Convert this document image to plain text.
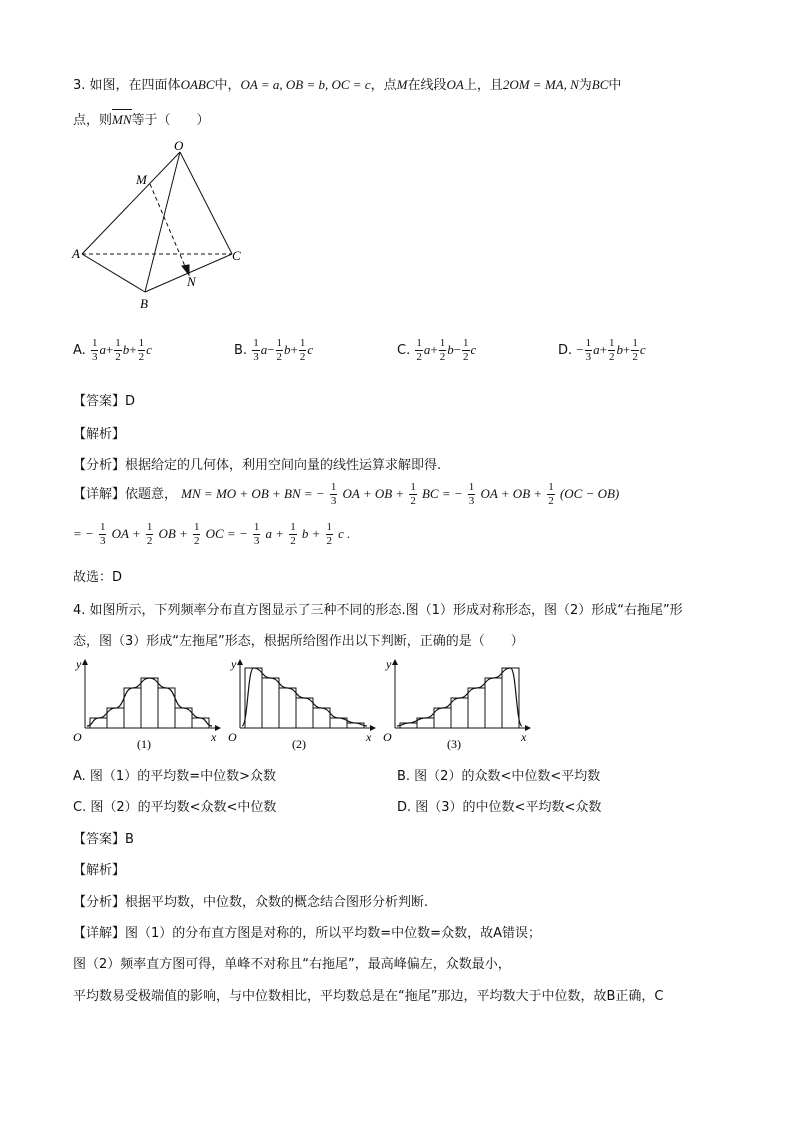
3. 如图，在四面体OABC中，OA = a, OB = b, OC = c，点M在线段OA上，且2OM = MA, N为BC中
点，则MN等于（　　）
O
M
A	C
N
B
A. $\frac{1}{3} a+ \frac{1}{2} b+ \frac{1}{2}$ c	B. $\frac{1}{3} a- \frac{1}{2} b+ \frac{1}{2}$ c	C. $\frac{1}{2} a+ \frac{1}{2} b- \frac{1}{2}$ c	D. − $\frac{1}{3} a+ \frac{1}{2} b+ \frac{1}{2}$ c
【答案】D
【解析】
【分析】根据给定的几何体，利用空间向量的线性运算求解即得.
【详解】依题意， MN = MO + OB + BN = − $\frac{1}{3}$ OA + OB + $\frac{1}{2}$ BC = − $\frac{1}{3}$ OA + OB + $\frac{1}{2} (OC - OB)$
= − $\frac{1}{3}$ OA + $\frac{1}{2}$ OB + $\frac{1}{2}$ OC = − $\frac{1}{3}$ $a + \frac{1}{2}$ $b + \frac{1}{2}$ c .
故选：D
4. 如图所示，下列频率分布直方图显示了三种不同的形态.图（1）形成对称形态，图（2）形成“右拖尾”形
态，图（3）形成“左拖尾”形态，根据所给图作出以下判断，正确的是（　　）
y
x
O	(1)
y
x
O	(2)
y
x
O	(3)
A. 图（1）的平均数=中位数>众数	B. 图（2）的众数<中位数<平均数
C. 图（2）的平均数<众数<中位数	D. 图（3）的中位数<平均数<众数
【答案】B
【解析】
【分析】根据平均数，中位数，众数的概念结合图形分析判断.
【详解】图（1）的分布直方图是对称的，所以平均数=中位数=众数，故A错误；
图（2）频率直方图可得，单峰不对称且“右拖尾”，最高峰偏左，众数最小，
平均数易受极端值的影响，与中位数相比，平均数总是在“拖尾”那边，平均数大于中位数，故B正确，C
